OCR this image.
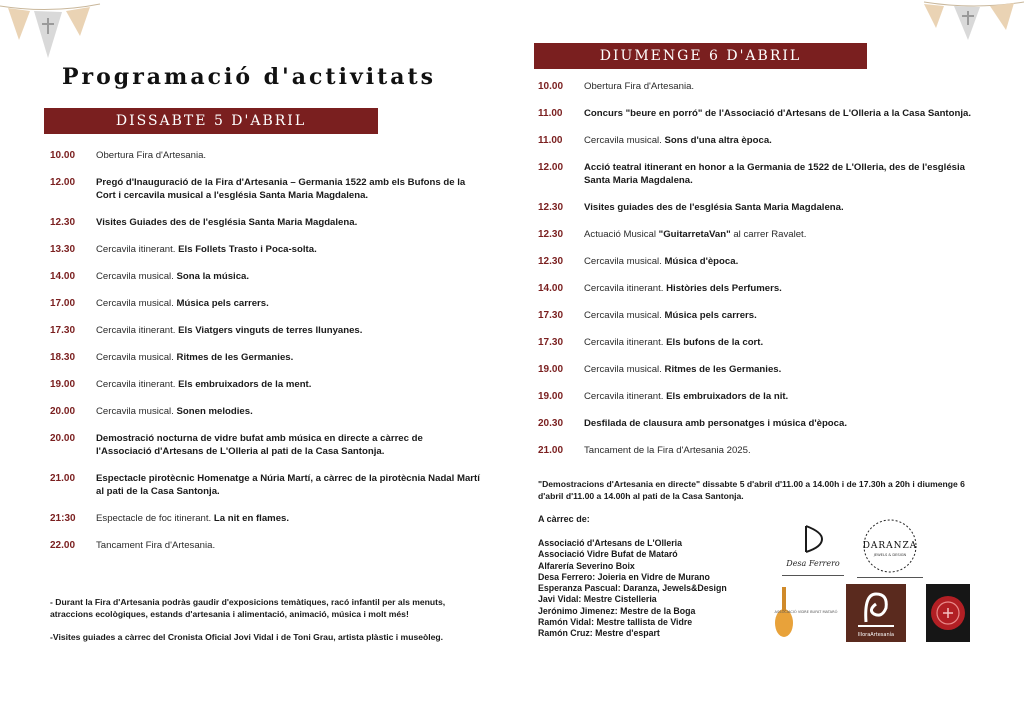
Programació d'activitats
DISSABTE 5 D'ABRIL
10.00	Obertura Fira d'Artesania.
12.00	Pregó d'Inauguració de la Fira d'Artesania – Germania 1522 amb els Bufons de la Cort i cercavila musical a l'església Santa Maria Magdalena.
12.30	Visites Guiades des de l'església Santa Maria Magdalena.
13.30	Cercavila itinerant. Els Follets Trasto i Poca-solta.
14.00	Cercavila musical. Sona la música.
17.00	Cercavila musical. Música pels carrers.
17.30	Cercavila itinerant. Els Viatgers vinguts de terres llunyanes.
18.30	Cercavila musical. Ritmes de les Germanies.
19.00	Cercavila itinerant. Els embruixadors de la ment.
20.00	Cercavila musical. Sonen melodies.
20.00	Demostració nocturna de vidre bufat amb música en directe a càrrec de l'Associació d'Artesans de L'Olleria al pati de la Casa Santonja.
21.00	Espectacle pirotècnic Homenatge a Núria Martí, a càrrec de la pirotècnia Nadal Martí al pati de la Casa Santonja.
21:30	Espectacle de foc itinerant. La nit en flames.
22.00	Tancament Fira d'Artesania.
DIUMENGE 6 D'ABRIL
10.00	Obertura Fira d'Artesania.
11.00	Concurs "beure en porró" de l'Associació d'Artesans de L'Olleria a la Casa Santonja.
11.00	Cercavila musical. Sons d'una altra època.
12.00	Acció teatral itinerant en honor a la Germania de 1522 de L'Olleria, des de l'església Santa Maria Magdalena.
12.30	Visites guiades des de l'església Santa Maria Magdalena.
12.30	Actuació Musical "GuitarretaVan" al carrer Ravalet.
12.30	Cercavila musical. Música d'època.
14.00	Cercavila itinerant. Històries dels Perfumers.
17.30	Cercavila musical. Música pels carrers.
17.30	Cercavila itinerant. Els bufons de la cort.
19.00	Cercavila musical. Ritmes de les Germanies.
19.00	Cercavila itinerant. Els embruixadors de la nit.
20.30	Desfilada de clausura amb personatges i música d'època.
21.00	Tancament de la Fira d'Artesania 2025.

- Durant la Fira d'Artesania podràs gaudir d'exposicions temàtiques, racó infantil per als menuts, atraccions ecològiques, estands d'artesania i alimentació, animació, música i molt més!

-Visites guiades a càrrec del Cronista Oficial Jovi Vidal i de Toni Grau, artista plàstic i museòleg.

"Demostracions d'Artesania en directe" dissabte 5 d'abril d'11.00 a 14.00h i de 17.30h a 20h i diumenge 6 d'abril d'11.00 a 14.00h al pati de la Casa Santonja.

A càrrec de:

Associació d'Artesans de L'Olleria
Associació Vidre Bufat de Mataró
Alfarería Severino Boix
Desa Ferrero: Joieria en Vidre de Murano
Esperanza Pascual: Daranza, Jewels&Design
Javi Vidal: Mestre Cistelleria
Jerónimo Jimenez: Mestre de la Boga
Ramón Vidal: Mestre tallista de Vidre
Ramón Cruz: Mestre d'espart
Desa Ferrero
DARANZA
JEWELS & DESIGN
ASSOCIACIÓ VIDRE BUFAT MATARÓ
llloraArtesanía
